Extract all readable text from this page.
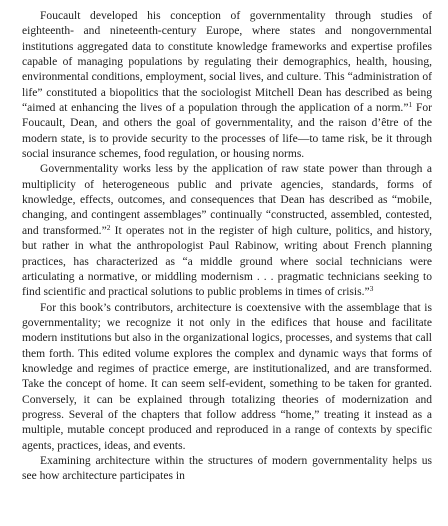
Foucault developed his conception of governmentality through studies of eighteenth- and nineteenth-century Europe, where states and nongovernmental institutions aggregated data to constitute knowledge frameworks and expertise profiles capable of managing populations by regulating their demographics, health, housing, environmental conditions, employment, social lives, and culture. This “administration of life” constituted a biopolitics that the sociologist Mitchell Dean has described as being “aimed at enhancing the lives of a population through the application of a norm.”$^1$ For Foucault, Dean, and others the goal of governmentality, and the raison d’être of the modern state, is to provide security to the processes of life—to tame risk, be it through social insurance schemes, food regulation, or housing norms.

Governmentality works less by the application of raw state power than through a multiplicity of heterogeneous public and private agencies, standards, forms of knowledge, effects, outcomes, and consequences that Dean has described as “mobile, changing, and contingent assemblages” continually “constructed, assembled, contested, and transformed.”$^2$ It operates not in the register of high culture, politics, and history, but rather in what the anthropologist Paul Rabinow, writing about French planning practices, has characterized as “a middle ground where social technicians were articulating a normative, or middling modernism . . . pragmatic technicians seeking to find scientific and practical solutions to public problems in times of crisis.”$^3$

For this book’s contributors, architecture is coextensive with the assemblage that is governmentality; we recognize it not only in the edifices that house and facilitate modern institutions but also in the organizational logics, processes, and systems that call them forth. This edited volume explores the complex and dynamic ways that forms of knowledge and regimes of practice emerge, are institutionalized, and are transformed. Take the concept of home. It can seem self-evident, something to be taken for granted. Conversely, it can be explained through totalizing theories of modernization and progress. Several of the chapters that follow address “home,” treating it instead as a multiple, mutable concept produced and reproduced in a range of contexts by specific agents, practices, ideas, and events.

Examining architecture within the structures of modern governmentality helps us see how architecture participates in
